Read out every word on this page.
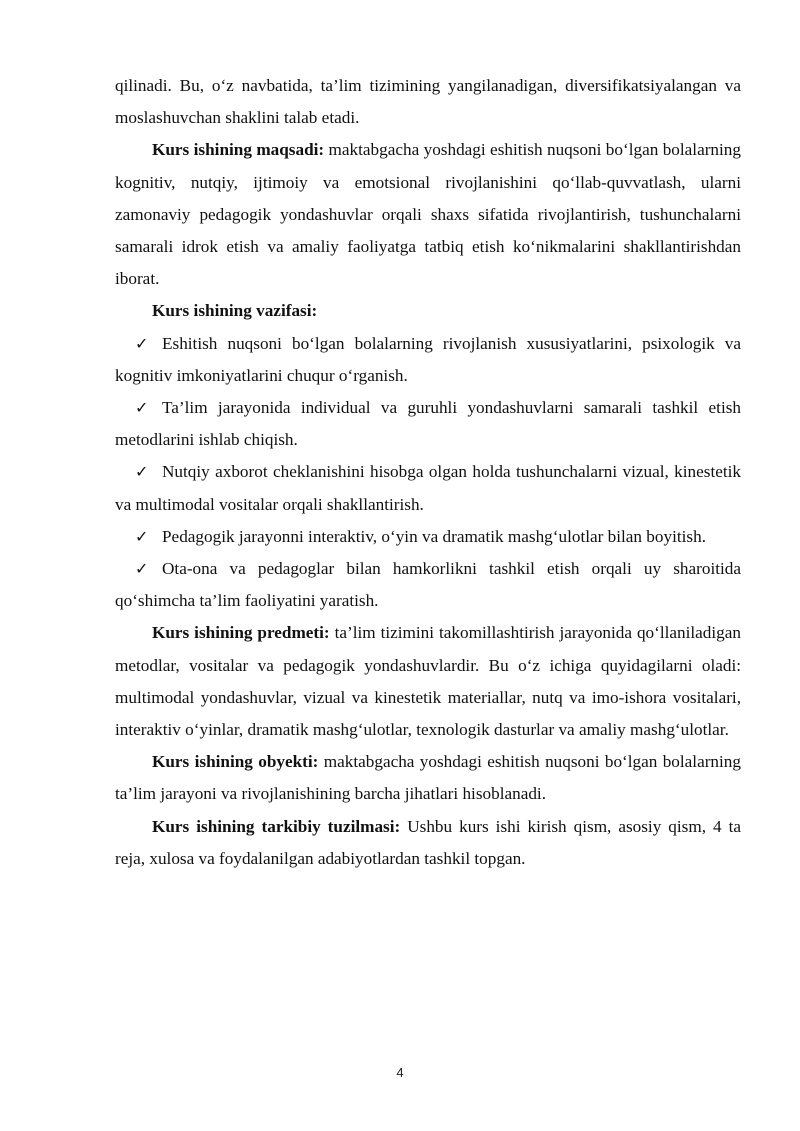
qilinadi. Bu, o‘z navbatida, ta’lim tizimining yangilanadigan, diversifikatsiyalangan va moslashuvchan shaklini talab etadi.

Kurs ishining maqsadi: maktabgacha yoshdagi eshitish nuqsoni bo‘lgan bolalarning kognitiv, nutqiy, ijtimoiy va emotsional rivojlanishini qo‘llab-quvvatlash, ularni zamonaviy pedagogik yondashuvlar orqali shaxs sifatida rivojlantirish, tushunchalarni samarali idrok etish va amaliy faoliyatga tatbiq etish ko‘nikmalarini shakllantirishdan iborat.

Kurs ishining vazifasi:

✓ Eshitish nuqsoni bo‘lgan bolalarning rivojlanish xususiyatlarini, psixologik va kognitiv imkoniyatlarini chuqur o‘rganish.

✓ Ta’lim jarayonida individual va guruhli yondashuvlarni samarali tashkil etish metodlarini ishlab chiqish.

✓ Nutqiy axborot cheklanishini hisobga olgan holda tushunchalarni vizual, kinestetik va multimodal vositalar orqali shakllantirish.

✓ Pedagogik jarayonni interaktiv, o‘yin va dramatik mashg‘ulotlar bilan boyitish.

✓ Ota-ona va pedagoglar bilan hamkorlikni tashkil etish orqali uy sharoitida qo‘shimcha ta’lim faoliyatini yaratish.

Kurs ishining predmeti: ta’lim tizimini takomillashtirish jarayonida qo‘llaniladigan metodlar, vositalar va pedagogik yondashuvlardir. Bu o‘z ichiga quyidagilarni oladi: multimodal yondashuvlar, vizual va kinestetik materiallar, nutq va imo-ishora vositalari, interaktiv o‘yinlar, dramatik mashg‘ulotlar, texnologik dasturlar va amaliy mashg‘ulotlar.

Kurs ishining obyekti: maktabgacha yoshdagi eshitish nuqsoni bo‘lgan bolalarning ta’lim jarayoni va rivojlanishining barcha jihatlari hisoblanadi.

Kurs ishining tarkibiy tuzilmasi: Ushbu kurs ishi kirish qism, asosiy qism, 4 ta reja, xulosa va foydalanilgan adabiyotlardan tashkil topgan.

4
